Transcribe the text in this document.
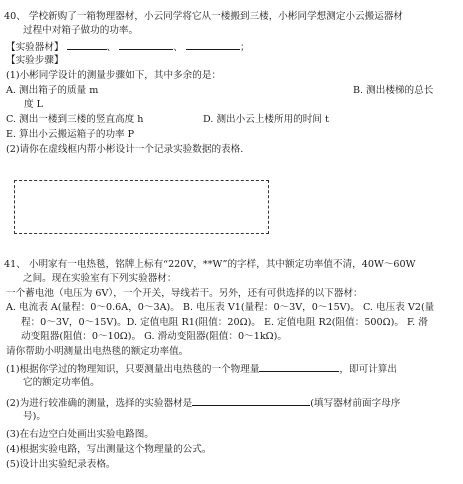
40、 学校新购了一箱物理器材，小云同学将它从一楼搬到三楼，小彬同学想测定小云搬运器材
过程中对箱子做功的功率。
【实验器材】	、	、	；
【实验步骤】
(1)小彬同学设计的测量步骤如下，其中多余的是：
A. 测出箱子的质量 m	B. 测出楼梯的总长
度 L
C. 测出一楼到三楼的竖直高度 h	D. 测出小云上楼所用的时间 t
E. 算出小云搬运箱子的功率 P
(2)请你在虚线框内帮小彬设计一个记录实验数据的表格.
41、 小明家有一电热毯，铭牌上标有“220V，**W”的字样，其中额定功率值不清，40W～60W
之间。现在实验室有下列实验器材：
一个蓄电池（电压为 6V），一个开关，导线若干。另外，还有可供选择的以下器材：
A. 电流表 A(量程：0～0.6A，0～3A)。 B. 电压表 V1(量程：0～3V，0～15V)。 C. 电压表 V2(量
程：0～3V，0～15V)。D. 定值电阻 R1(阻值：20Ω)。 E. 定值电阻 R2(阻值：500Ω)。 F. 滑
动变阻器(阻值：0～10Ω)。 G. 滑动变阻器(阻值：0～1kΩ)。
请你帮助小明测量出电热毯的额定功率值。
(1)根据你学过的物理知识，只要测量出电热毯的一个物理量	，即可计算出
它的额定功率值。
(2)为进行较准确的测量，选择的实验器材是	(填写器材前面字母序
号)。
(3)在右边空白处画出实验电路图。
(4)根据实验电路，写出测量这个物理量的公式。
(5)设计出实验纪录表格。
